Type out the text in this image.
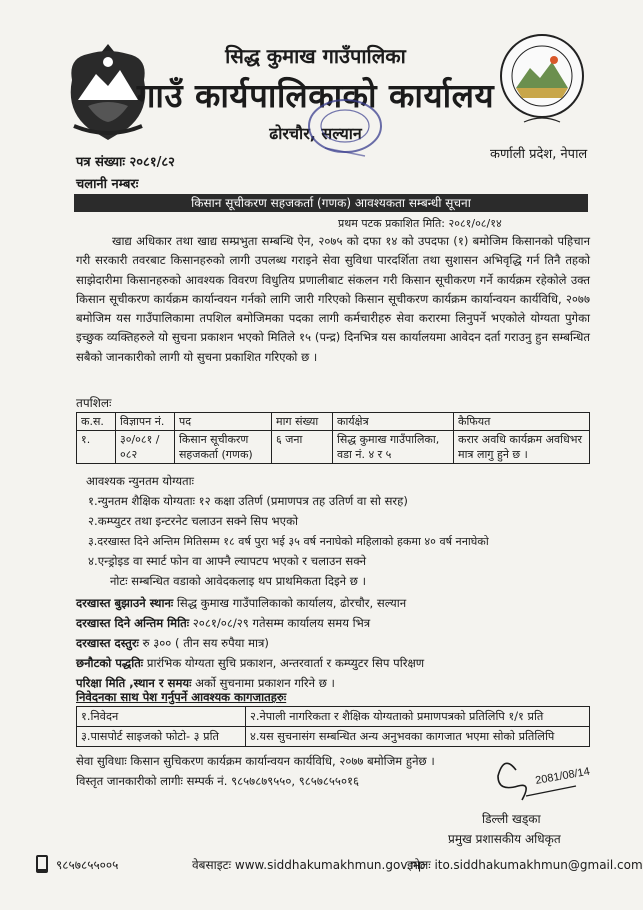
सिद्ध कुमाख गाउँपालिका
गाउँ कार्यपालिकाको कार्यालय
ढोरचौर, सल्यान
कर्णाली प्रदेश, नेपाल
पत्र संख्याः २०८१/८२
चलानी नम्बरः
किसान सूचीकरण सहजकर्ता (गणक) आवश्यकता सम्बन्धी सूचना
प्रथम पटक प्रकाशित मिति: २०८१/०८/१४

खाद्य अधिकार तथा खाद्य सम्प्रभुता सम्बन्धि ऐन, २०७५ को दफा १४ को उपदफा (१) बमोजिम किसानको पहिचान गरी सरकारी तवरबाट किसानहरुको लागी उपलब्ध गराइने सेवा सुविधा पारदर्शिता तथा सुशासन अभिवृद्धि गर्न तिनै तहको साझेदारीमा किसानहरुको आवश्यक विवरण विधुतिय प्रणालीबाट संकलन गरी किसान सूचीकरण गर्ने कार्यक्रम रहेकोले उक्त किसान सूचीकरण कार्यक्रम कार्यान्वयन गर्नको लागि जारी गरिएको किसान सूचीकरण कार्यक्रम कार्यान्वयन कार्यविधि, २०७७ बमोजिम यस गाउँपालिकामा तपशिल बमोजिमका पदका लागी कर्मचारीहरु सेवा करारमा लिनुपर्ने भएकोले योग्यता पुगेका इच्छुक व्यक्तिहरुले यो सुचना प्रकाशन भएको मितिले १५ (पन्द्र) दिनभित्र यस कार्यालयमा आवेदन दर्ता गराउनु हुन सम्बन्धित सबैको जानकारीको लागी यो सुचना प्रकाशित गरिएको छ ।

तपशिलः
क.स.	विज्ञापन नं.	पद	माग संख्या	कार्यक्षेत्र	कैफियत
१.	३०/०८१ /०८२	किसान सूचीकरण सहजकर्ता (गणक)	६ जना	सिद्ध कुमाख गाउँपालिका, वडा नं. ४ र ५	करार अवधि कार्यक्रम अवधिभर मात्र लागु हुने छ ।
आवश्यक न्युनतम योग्यताः
१.न्युनतम शैक्षिक योग्यताः १२ कक्षा उतिर्ण (प्रमाणपत्र तह उतिर्ण वा सो सरह)
२.कम्प्युटर तथा इन्टरनेट चलाउन सक्ने सिप भएको
३.दरखास्त दिने अन्तिम मितिसम्म १८ वर्ष पुरा भई ३५ वर्ष ननाघेको महिलाको हकमा ४० वर्ष ननाघेको
४.एन्ड्रोइड वा स्मार्ट फोन वा आफ्नै ल्यापटप भएको र चलाउन सक्ने
नोटः सम्बन्धित वडाको आवेदकलाइ थप प्राथमिकता दिइने छ ।
दरखास्त बुझाउने स्थानः सिद्ध कुमाख गाउँपालिकाको कार्यालय, ढोरचौर, सल्यान
दरखास्त दिने अन्तिम मितिः २०८१/०८/२९ गतेसम्म कार्यालय समय भित्र
दरखास्त दस्तुरः रु ३०० ( तीन सय रुपैया मात्र)
छनौटको पद्धतिः प्रारंभिक योग्यता सुचि प्रकाशन, अन्तरवार्ता र कम्प्युटर सिप परिक्षण
परिक्षा मिति ,स्थान र समयः अर्को सुचनामा प्रकाशन गरिने छ ।
निवेदनका साथ पेश गर्नुपर्ने आवश्यक कागजातहरुः
१.निवेदन	२.नेपाली नागरिकता र शैक्षिक योग्यताको प्रमाणपत्रको प्रतिलिपि १/१ प्रति
३.पासपोर्ट साइजको फोटो- ३ प्रति	४.यस सुचनासंग सम्बन्धित अन्य अनुभवका कागजात भएमा सोको प्रतिलिपि
सेवा सुविधाः किसान सुचिकरण कार्यक्रम कार्यान्वयन कार्यविधि, २०७७ बमोजिम हुनेछ ।
विस्तृत जानकारीको लागीः सम्पर्क नं. ९८५७८७९५५०, ९८५७८५५०१६	2081/08/14
डिल्ली खड्का
प्रमुख प्रशासकीय अधिकृत
९८५७८५५००५	वेबसाइटः www.siddhakumakhmun.gov.np
इमेलः ito.siddhakumakhmun@gmail.com
